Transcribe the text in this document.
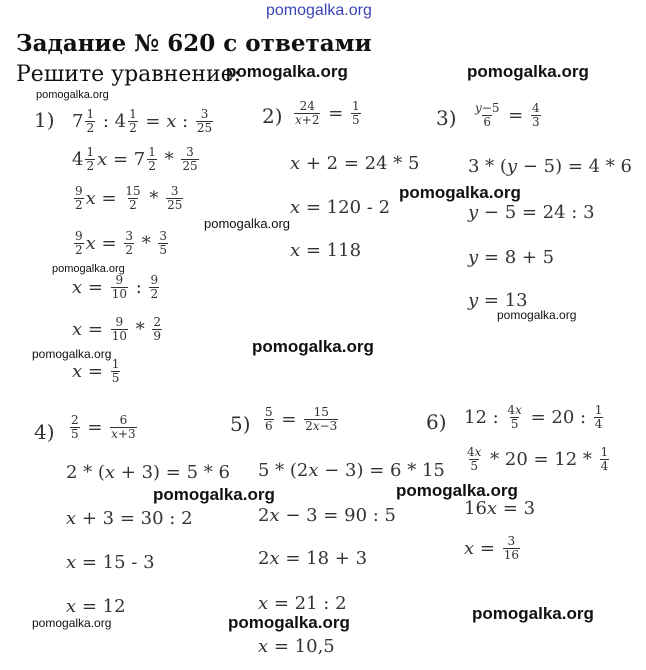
pomogalka.org
Задание № 620 с ответами
Решите уравнение:
pomogalka.org	pomogalka.org
pomogalka.org
pomogalka.org
pomogalka.org
pomogalka.org
pomogalka.org
pomogalka.org	pomogalka.org
pomogalka.org	pomogalka.org
pomogalka.org	pomogalka.org	pomogalka.org
1) $7 \frac{1}{2}$ : $4 \frac{1}{2} = x$ : $\frac{3}{25}$
$4 \frac{1}{2}$ $x = 7 \frac{1}{2} * \frac{3}{25}$
$\frac{9}{2}$ $x = \frac{15}{2} * \frac{3}{25}$
$\frac{9}{2}$ $x = \frac{3}{2} * \frac{3}{5}$
$x = \frac{9}{10}$ : $\frac{9}{2}$
$x = \frac{9}{10} * \frac{2}{9}$
$x = \frac{1}{5}$
$2) \frac{24}{x+2} = \frac{1}{5}$
x + 2 = 24 * 5
x = 120 - 2
x = 118
$3) \frac{y-5}{6} = \frac{4}{3}$
3 * ( y − 5) = 4 * 6
y − 5 = 24 : 3
y = 8 + 5
y = 13
$4) \frac{2}{5} = \frac{6}{x+3}$
2 * ( x + 3) = 5 * 6
x + 3 = 30 : 2
x = 15 - 3
x = 12
$5) \frac{5}{6} = \frac{15}{2x-3}$
5 * (2 x − 3) = 6 * 15
2 x − 3 = 90 : 5
2 x = 18 + 3
x = 21 : 2
x = 10,5
6) 12 : $\frac{4x}{5} = 20$ : $\frac{1}{4}$
$\frac{4x}{5} * 20 = 12 * \frac{1}{4}$
16 x = 3
$x = \frac{3}{16}$
